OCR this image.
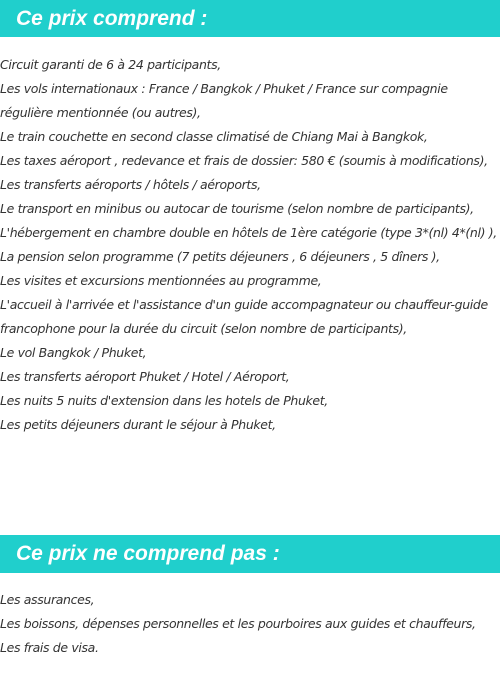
Ce prix comprend :
Circuit garanti de 6 à 24 participants,
Les vols internationaux : France / Bangkok / Phuket / France sur compagnie régulière mentionnée (ou autres),
Le train couchette en second classe climatisé de Chiang Mai à Bangkok,
Les taxes aéroport , redevance et frais de dossier: 580 € (soumis à modifications),
Les transferts aéroports / hôtels / aéroports,
Le transport en minibus ou autocar de tourisme (selon nombre de participants),
L'hébergement en chambre double en hôtels de 1ère catégorie (type 3*(nl) 4*(nl) ),
La pension selon programme (7 petits déjeuners , 6 déjeuners , 5 dîners ),
Les visites et excursions mentionnées au programme,
L'accueil à l'arrivée et l'assistance d'un guide accompagnateur ou chauffeur-guide francophone pour la durée du circuit (selon nombre de participants),
Le vol Bangkok / Phuket,
Les transferts aéroport Phuket / Hotel / Aéroport,
Les nuits 5 nuits d'extension dans les hotels de Phuket,
Les petits déjeuners durant le séjour à Phuket,
Ce prix ne comprend pas :
Les assurances,
Les boissons, dépenses personnelles et les pourboires aux guides et chauffeurs,
Les frais de visa.
